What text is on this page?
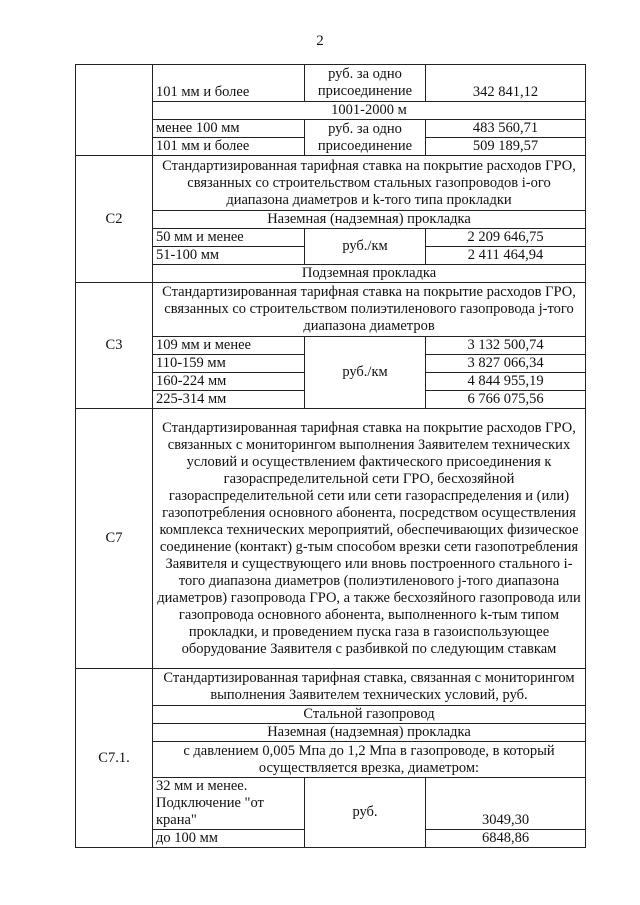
2
	101 мм и более	руб. за одно присоединение	342 841,12
	1001-2000 м		
	менее 100 мм	руб. за одно присоединение	483 560,71
	101 мм и более		509 189,57
С2	Стандартизированная тарифная ставка на покрытие расходов ГРО, связанных со строительством стальных газопроводов i-ого диапазона диаметров и k-того типа прокладки		
	Наземная (надземная) прокладка		
	50 мм и менее	руб./км	2 209 646,75
	51-100 мм		2 411 464,94
	Подземная прокладка		
С3	Стандартизированная тарифная ставка на покрытие расходов ГРО, связанных со строительством полиэтиленового газопровода j-того диапазона диаметров		
	109 мм и менее	руб./км	3 132 500,74
	110-159 мм		3 827 066,34
	160-224 мм		4 844 955,19
	225-314 мм		6 766 075,56
С7	Стандартизированная тарифная ставка на покрытие расходов ГРО, связанных с мониторингом выполнения Заявителем технических условий и осуществлением фактического присоединения к газораспределительной сети ГРО, бесхозяйной газораспределительной сети или сети газораспределения и (или) газопотребления основного абонента, посредством осуществления комплекса технических мероприятий, обеспечивающих физическое соединение (контакт) g-тым способом врезки сети газопотребления Заявителя и существующего или вновь построенного стального i-того диапазона диаметров (полиэтиленового j-того диапазона диаметров) газопровода ГРО, а также бесхозяйного газопровода или газопровода основного абонента, выполненного k-тым типом прокладки, и проведением пуска газа в газоиспользующее оборудование Заявителя с разбивкой по следующим ставкам		
С7.1.	Стандартизированная тарифная ставка, связанная с мониторингом выполнения Заявителем технических условий, руб.		
	Стальной газопровод		
	Наземная (надземная) прокладка		
	с давлением 0,005 Мпа до 1,2 Мпа в газопроводе, в который осуществляется врезка, диаметром:		
	32 мм и менее. Подключение "от крана"	руб.	3049,30
	до 100 мм		6848,86
